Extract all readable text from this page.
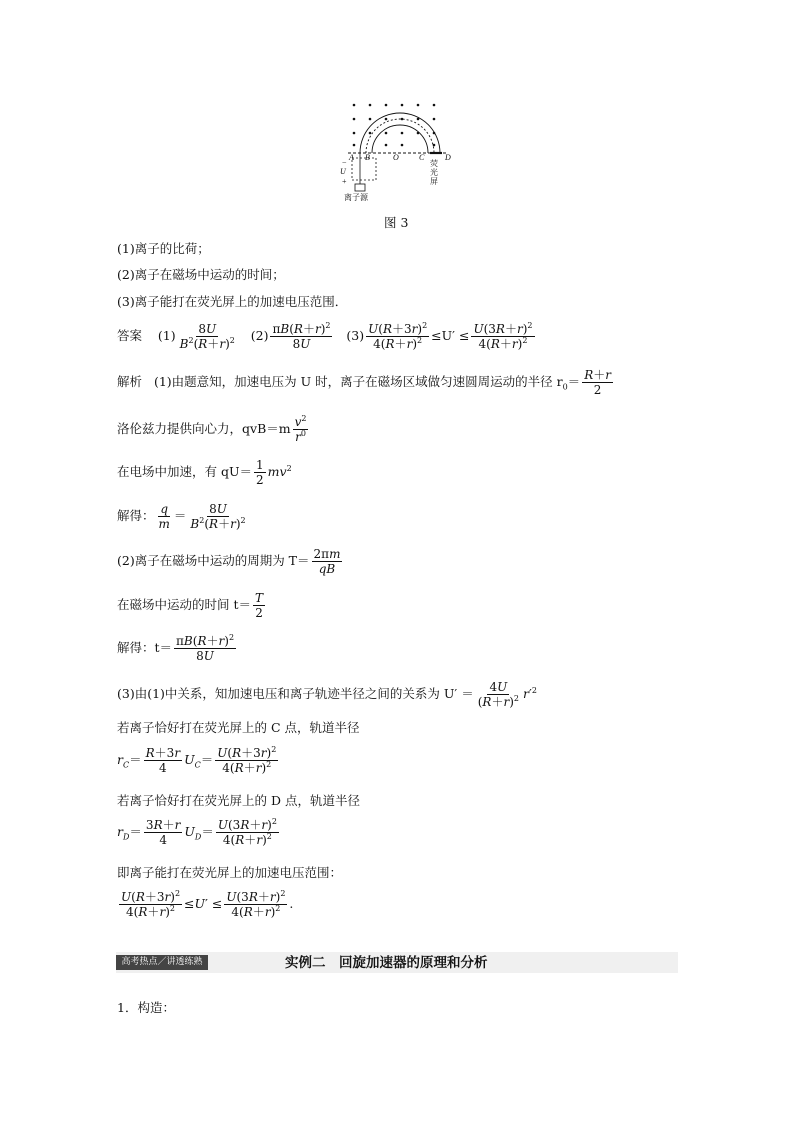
A B	O	C	D
U
−
+
荧
光
屏
离子源
图 3
(1)离子的比荷；
(2)离子在磁场中运动的时间；
(3)离子能打在荧光屏上的加速电压范围．
答案 $(1) \frac{8U}{B^2(R+r)^2} (2) \frac{\pi B(R+r)^2}{8U} (3) \frac{U(R+3r)^2}{4(R+r)^2} \le U' \le \frac{U(3R+r)^2}{4(R+r)^2}$
解析 (1)由题意知，加速电压为 U 时，离子在磁场区域做匀速圆周运动的半径 $r_0= \frac{R+r}{2}$
洛伦兹力提供向心力，$qvB=m \frac{v^2}{r^0}$
在电场中加速，有 $qU= \frac{1}{2} mv^2$
解得： $\frac{q}{m} = \frac{8U}{B^2(R+r)^2}$
(2)离子在磁场中运动的周期为 $T= \frac{2\pi m}{qB}$
在磁场中运动的时间 $t= \frac{T}{2}$
解得：$t= \frac{\pi B(R+r)^2}{8U}$
(3)由(1)中关系，知加速电压和离子轨迹半径之间的关系为 $U' = \frac{4U}{(R+r)^2} r'^2$
若离子恰好打在荧光屏上的 C 点，轨道半径
$r_C= \frac{R+3r}{4} U_C= \frac{U(R+3r)^2}{4(R+r)^2}$
若离子恰好打在荧光屏上的 D 点，轨道半径
$r_D= \frac{3R+r}{4} U_D= \frac{U(3R+r)^2}{4(R+r)^2}$
即离子能打在荧光屏上的加速电压范围：
$\frac{U(R+3r)^2}{4(R+r)^2} \le U' \le \frac{U(3R+r)^2}{4(R+r)^2}$ .
高考热点／讲透练熟	实例二　回旋加速器的原理和分析
1．构造：
